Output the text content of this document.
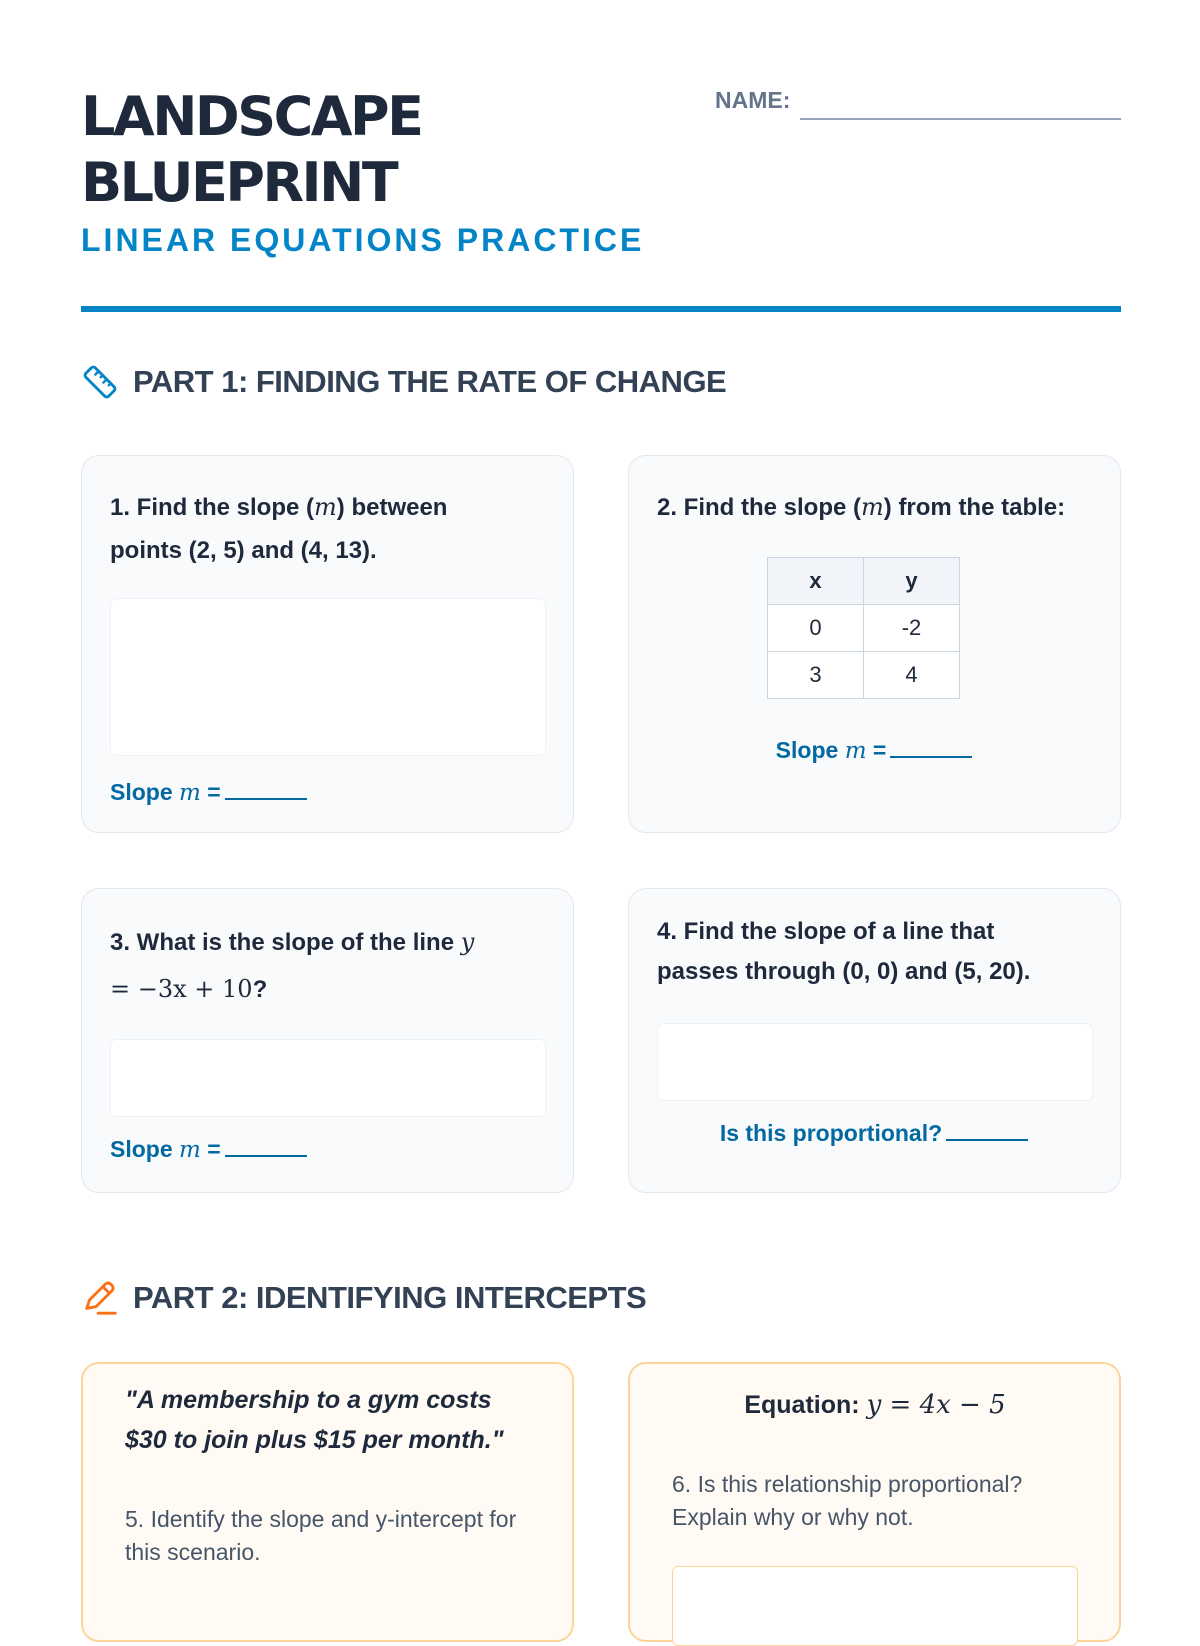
LANDSCAPE
BLUEPRINT
LINEAR EQUATIONS PRACTICE
NAME:
PART 1: FINDING THE RATE OF CHANGE
1. Find the slope (m) between
points (2, 5) and (4, 13).
Slope m =
2. Find the slope (m) from the table:
x	y
0	-2
3	4
Slope m =
3. What is the slope of the line y
= −3x + 10?
Slope m =
4. Find the slope of a line that
passes through (0, 0) and (5, 20).
Is this proportional?
PART 2: IDENTIFYING INTERCEPTS
"A membership to a gym costs
$30 to join plus $15 per month."
5. Identify the slope and y-intercept for
this scenario.
Equation: y = 4x − 5
6. Is this relationship proportional?
Explain why or why not.
